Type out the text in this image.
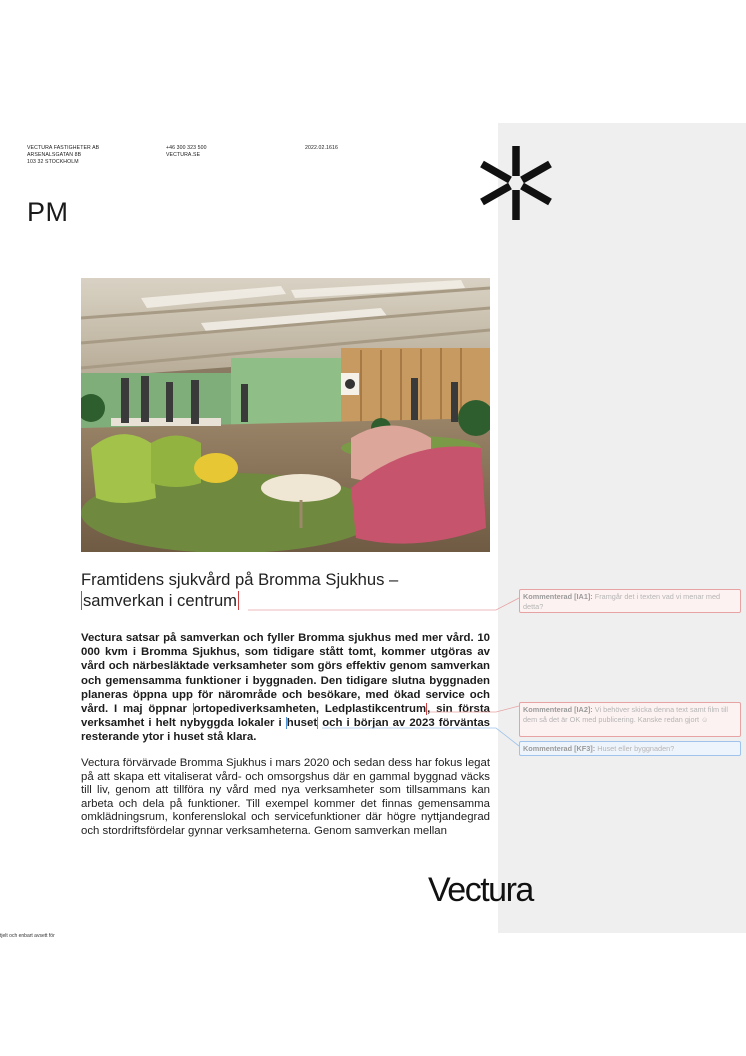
VECTURA FASTIGHETER AB
ARSENALSGATAN 8B
103 32 STOCKHOLM
+46 300 323 500
VECTURA.SE
2022.02.1616
PM
Framtidens sjukvård på Bromma Sjukhus –
samverkan i centrum
Vectura satsar på samverkan och fyller Bromma sjukhus med mer vård. 10 000 kvm i Bromma Sjukhus, som tidigare stått tomt, kommer utgöras av vård och närbesläktade verksamheter som görs effektiv genom samverkan och gemensamma funktioner i byggnaden. Den tidigare slutna byggnaden planeras öppna upp för närområde och besökare, med ökad service och vård. I maj öppnar ortopediverksamheten, Ledplastikcentrum, sin första verksamhet i helt nybyggda lokaler i huset och i början av 2023 förväntas resterande ytor i huset stå klara.
Vectura förvärvade Bromma Sjukhus i mars 2020 och sedan dess har fokus legat på att skapa ett vitaliserat vård- och omsorgshus där en gammal byggnad väcks till liv, genom att tillföra ny vård med nya verksamheter som tillsammans kan arbeta och dela på funktioner. Till exempel kommer det finnas gemensamma omklädningsrum, konferenslokal och servicefunktioner där högre nyttjandegrad och stordriftsfördelar gynnar verksamheterna. Genom samverkan mellan
Vectura
tjelt och enbart avsett för
Kommenterad [IA1]: Framgår det i texten vad vi menar med detta?
Kommenterad [IA2]: Vi behöver skicka denna text samt film till dem så det är OK med publicering. Kanske redan gjort ☺
Kommenterad [KF3]: Huset eller byggnaden?
